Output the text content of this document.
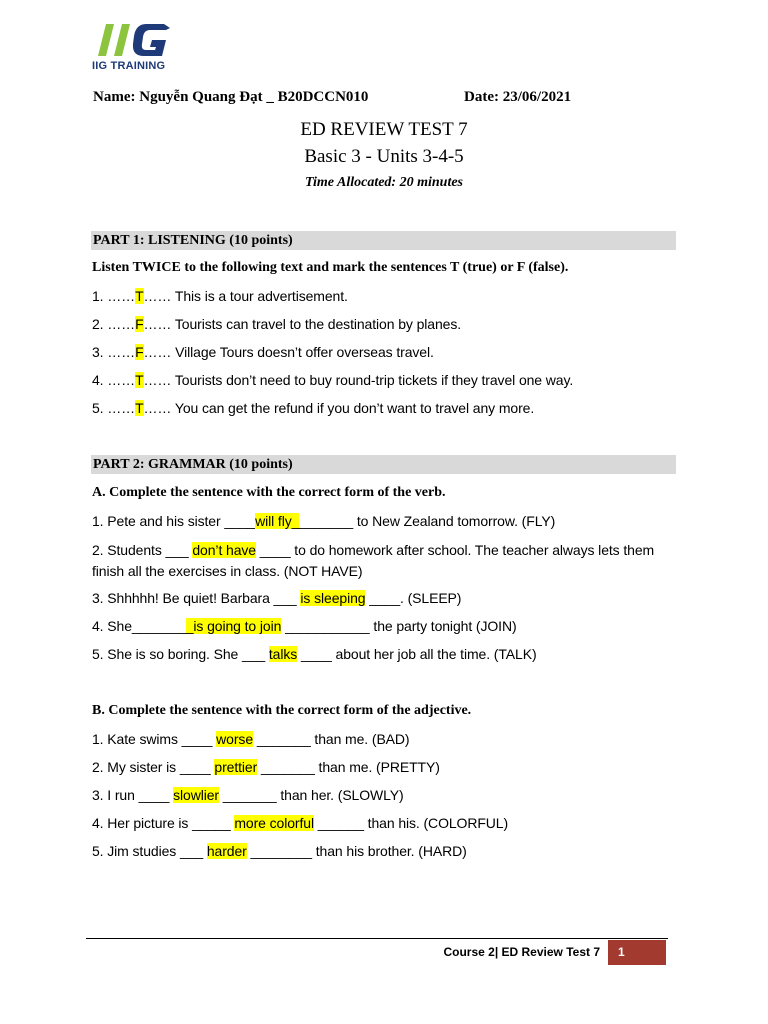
IIG TRAINING
Name: Nguyễn Quang Đạt _ B20DCCN010	Date: 23/06/2021
ED REVIEW TEST 7
Basic 3 - Units 3-4-5
Time Allocated: 20 minutes
PART 1: LISTENING (10 points)
Listen TWICE to the following text and mark the sentences T (true) or F (false).
1. ……T…… This is a tour advertisement.
2. ……F…… Tourists can travel to the destination by planes.
3. ……F…… Village Tours doesn’t offer overseas travel.
4. ……T…… Tourists don’t need to buy round-trip tickets if they travel one way.
5. ……T…… You can get the refund if you don’t want to travel any more.
PART 2: GRAMMAR (10 points)
A. Complete the sentence with the correct form of the verb.
1. Pete and his sister ____will fly________ to New Zealand tomorrow. (FLY)
2. Students ___ don’t have ____ to do homework after school. The teacher always lets them finish all the exercises in class. (NOT HAVE)
3. Shhhhh! Be quiet! Barbara ___ is sleeping ____. (SLEEP)
4. She________is going to join ___________ the party tonight (JOIN)
5. She is so boring. She ___ talks ____ about her job all the time. (TALK)
B. Complete the sentence with the correct form of the adjective.
1. Kate swims ____ worse _______ than me. (BAD)
2. My sister is ____ prettier _______ than me. (PRETTY)
3. I run ____ slowlier _______ than her. (SLOWLY)
4. Her picture is _____ more colorful ______ than his. (COLORFUL)
5. Jim studies ___ harder ________ than his brother. (HARD)
Course 2| ED Review Test 7	1
